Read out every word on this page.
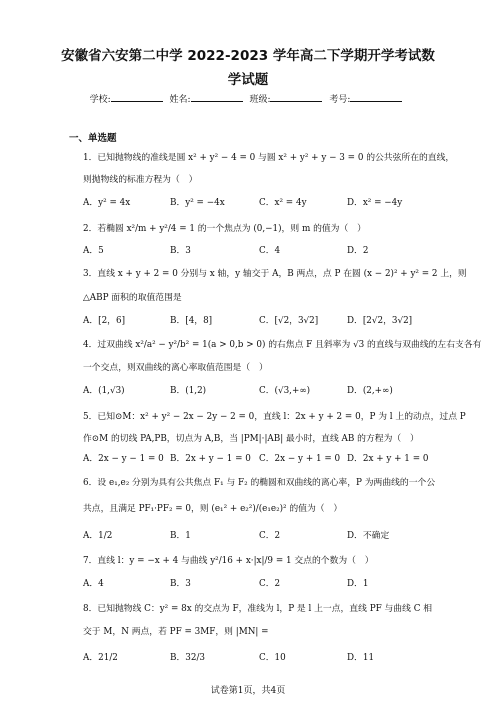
安徽省六安第二中学 2022-2023 学年高二下学期开学考试数
学试题
学校:	姓名:	班级:	考号:
一、单选题
1．已知抛物线的准线是圆 x² + y² − 4 = 0 与圆 x² + y² + y − 3 = 0 的公共弦所在的直线，
则抛物线的标准方程为（　）
A．y² = 4x	B．y² = −4x	C．x² = 4y	D．x² = −4y
2．若椭圆 x²/m + y²/4 = 1 的一个焦点为 (0,−1)，则 m 的值为（　）
A．5	B．3	C．4	D．2
3．直线 x + y + 2 = 0 分别与 x 轴，y 轴交于 A，B 两点，点 P 在圆 (x − 2)² + y² = 2 上，则
△ABP 面积的取值范围是
A．[2，6]	B．[4，8]	C．[√2，3√2]	D．[2√2，3√2]
4．过双曲线 x²/a² − y²/b² = 1(a > 0,b > 0) 的右焦点 F 且斜率为 √3 的直线与双曲线的左右支各有
一个交点，则双曲线的离心率取值范围是（　）
A．(1,√3)	B．(1,2)	C．(√3,+∞)	D．(2,+∞)
5．已知⊙M：x² + y² − 2x − 2y − 2 = 0，直线 l：2x + y + 2 = 0，P 为 l 上的动点，过点 P
作⊙M 的切线 PA,PB，切点为 A,B，当 |PM|·|AB| 最小时，直线 AB 的方程为（　）
A．2x − y − 1 = 0 B．2x + y − 1 = 0 C．2x − y + 1 = 0 D．2x + y + 1 = 0
6．设 e₁,e₂ 分别为具有公共焦点 F₁ 与 F₂ 的椭圆和双曲线的离心率，P 为两曲线的一个公
共点，且满足 PF₁·PF₂ = 0，则 (e₁² + e₂²)/(e₁e₂)² 的值为（　）
A．1/2	B．1	C．2	D．不确定
7．直线 l：y = −x + 4 与曲线 y²/16 + x·|x|/9 = 1 交点的个数为（　）
A．4	B．3	C．2	D．1
8．已知抛物线 C：y² = 8x 的交点为 F，准线为 l，P 是 l 上一点，直线 PF 与曲线 C 相
交于 M，N 两点，若 PF = 3MF，则 |MN| =
A．21/2	B．32/3	C．10	D．11
试卷第1页，共4页
